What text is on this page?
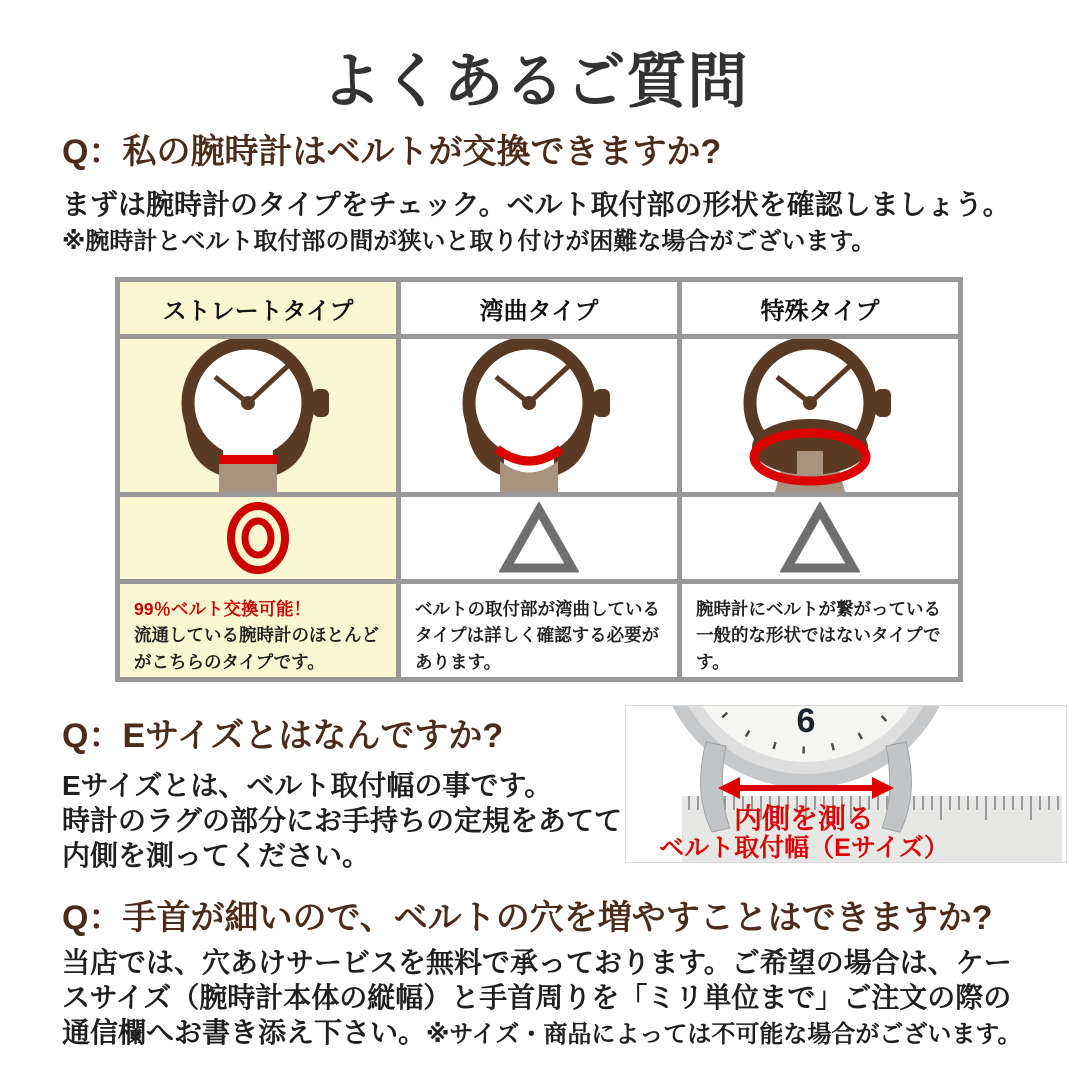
よくあるご質問
Q：私の腕時計はベルトが交換できますか?

まずは腕時計のタイプをチェック。ベルト取付部の形状を確認しましょう。

※腕時計とベルト取付部の間が狭いと取り付けが困難な場合がございます。

ストレートタイプ	湾曲タイプ	特殊タイプ
99％ベルト交換可能！
流通している腕時計のほとんどがこちらのタイプです。
ベルトの取付部が湾曲しているタイプは詳しく確認する必要があります。
腕時計にベルトが繋がっている一般的な形状ではないタイプです。
Q：Eサイズとはなんですか?

Eサイズとは、ベルト取付幅の事です。

時計のラグの部分にお手持ちの定規をあてて

内側を測ってください。

6
内側を測る
ベルト取付幅（Eサイズ）
Q：手首が細いので、ベルトの穴を増やすことはできますか?

当店では、穴あけサービスを無料で承っております。ご希望の場合は、ケー

スサイズ（腕時計本体の縦幅）と手首周りを「ミリ単位まで」ご注文の際の

通信欄へお書き添え下さい。※サイズ・商品によっては不可能な場合がございます。
